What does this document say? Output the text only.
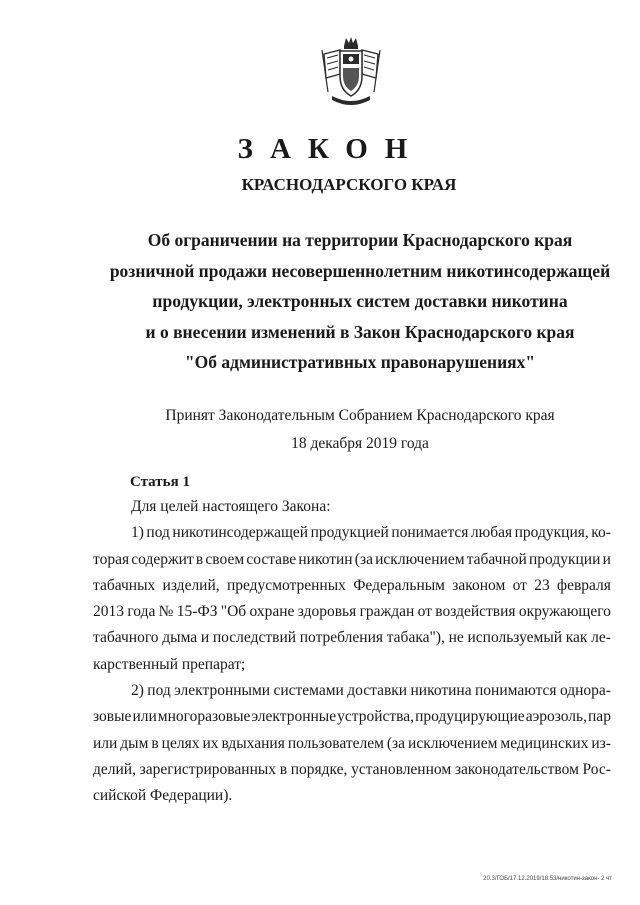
ЗАКОН
КРАСНОДАРСКОГО КРАЯ
Об ограничении на территории Краснодарского края
розничной продажи несовершеннолетним никотинсодержащей
продукции, электронных систем доставки никотина
и о внесении изменений в Закон Краснодарского края
"Об административных правонарушениях"
Принят Законодательным Собранием Краснодарского края
18 декабря 2019 года
Статья 1
Для целей настоящего Закона:
1) под никотинсодержащей продукцией понимается любая продукция, ко-
торая содержит в своем составе никотин (за исключением табачной продукции и
табачных изделий, предусмотренных Федеральным законом от 23 февраля
2013 года № 15-ФЗ "Об охране здоровья граждан от воздействия окружающего
табачного дыма и последствий потребления табака"), не используемый как ле-
карственный препарат;
2) под электронными системами доставки никотина понимаются однора-
зовые или многоразовые электронные устройства, продуцирующие аэрозоль, пар
или дым в целях их вдыхания пользователем (за исключением медицинских из-
делий, зарегистрированных в порядке, установленном законодательством Рос-
сийской Федерации).
20.3/ГОБ/17.12.2019/18:53/никотин-закон- 2 чт
